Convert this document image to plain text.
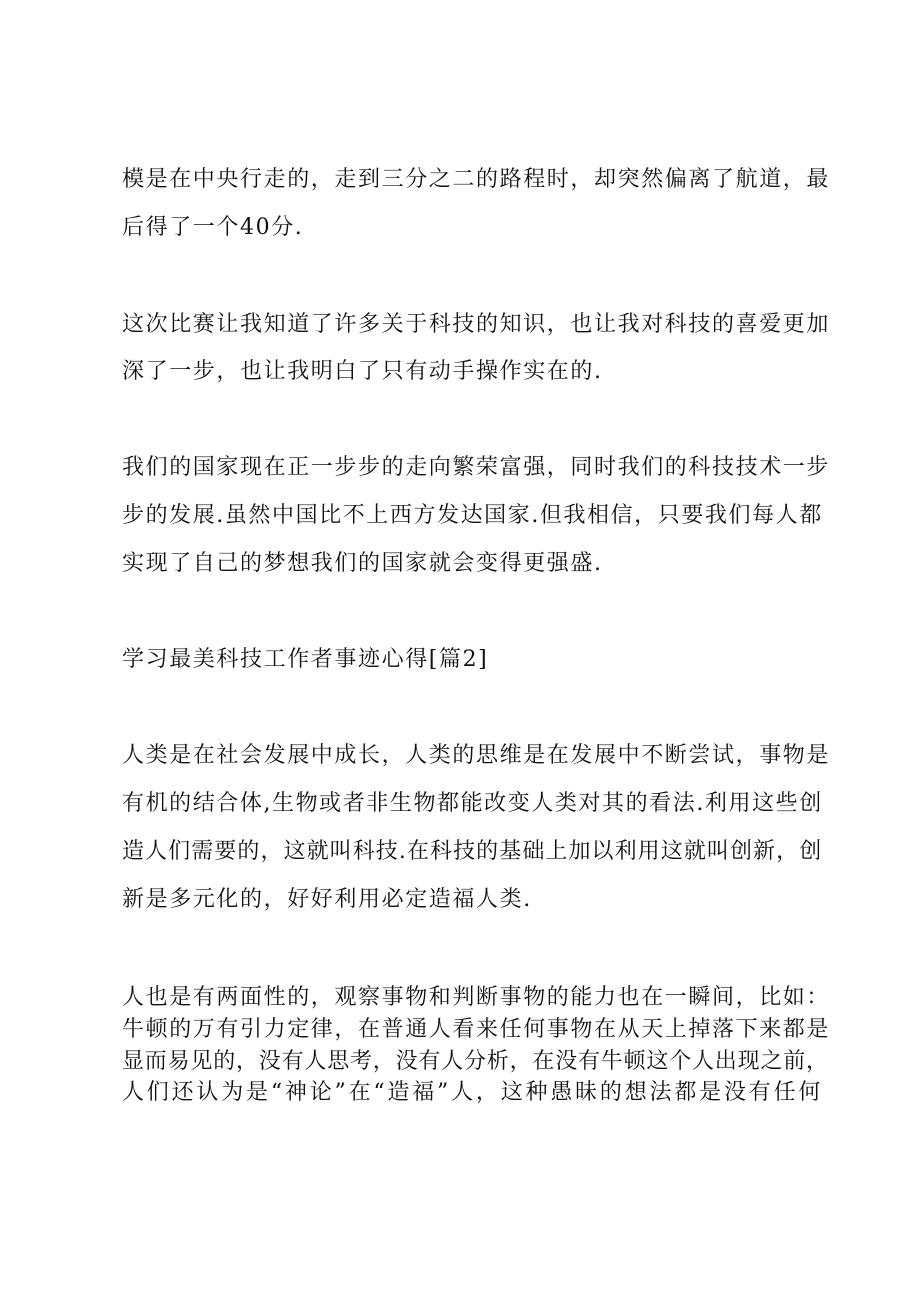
模是在中央行走的，走到三分之二的路程时，却突然偏离了航道，最
后得了一个40分.
这次比赛让我知道了许多关于科技的知识，也让我对科技的喜爱更加
深了一步，也让我明白了只有动手操作实在的.
我们的国家现在正一步步的走向繁荣富强，同时我们的科技技术一步
步的发展.虽然中国比不上西方发达国家.但我相信，只要我们每人都
实现了自己的梦想我们的国家就会变得更强盛.
学习最美科技工作者事迹心得[篇2]
人类是在社会发展中成长，人类的思维是在发展中不断尝试，事物是
有机的结合体,生物或者非生物都能改变人类对其的看法.利用这些创
造人们需要的，这就叫科技.在科技的基础上加以利用这就叫创新，创
新是多元化的，好好利用必定造福人类.
人也是有两面性的，观察事物和判断事物的能力也在一瞬间，比如：
牛顿的万有引力定律，在普通人看来任何事物在从天上掉落下来都是
显而易见的，没有人思考，没有人分析，在没有牛顿这个人出现之前，
人们还认为是“神论”在“造福”人，这种愚昧的想法都是没有任何
